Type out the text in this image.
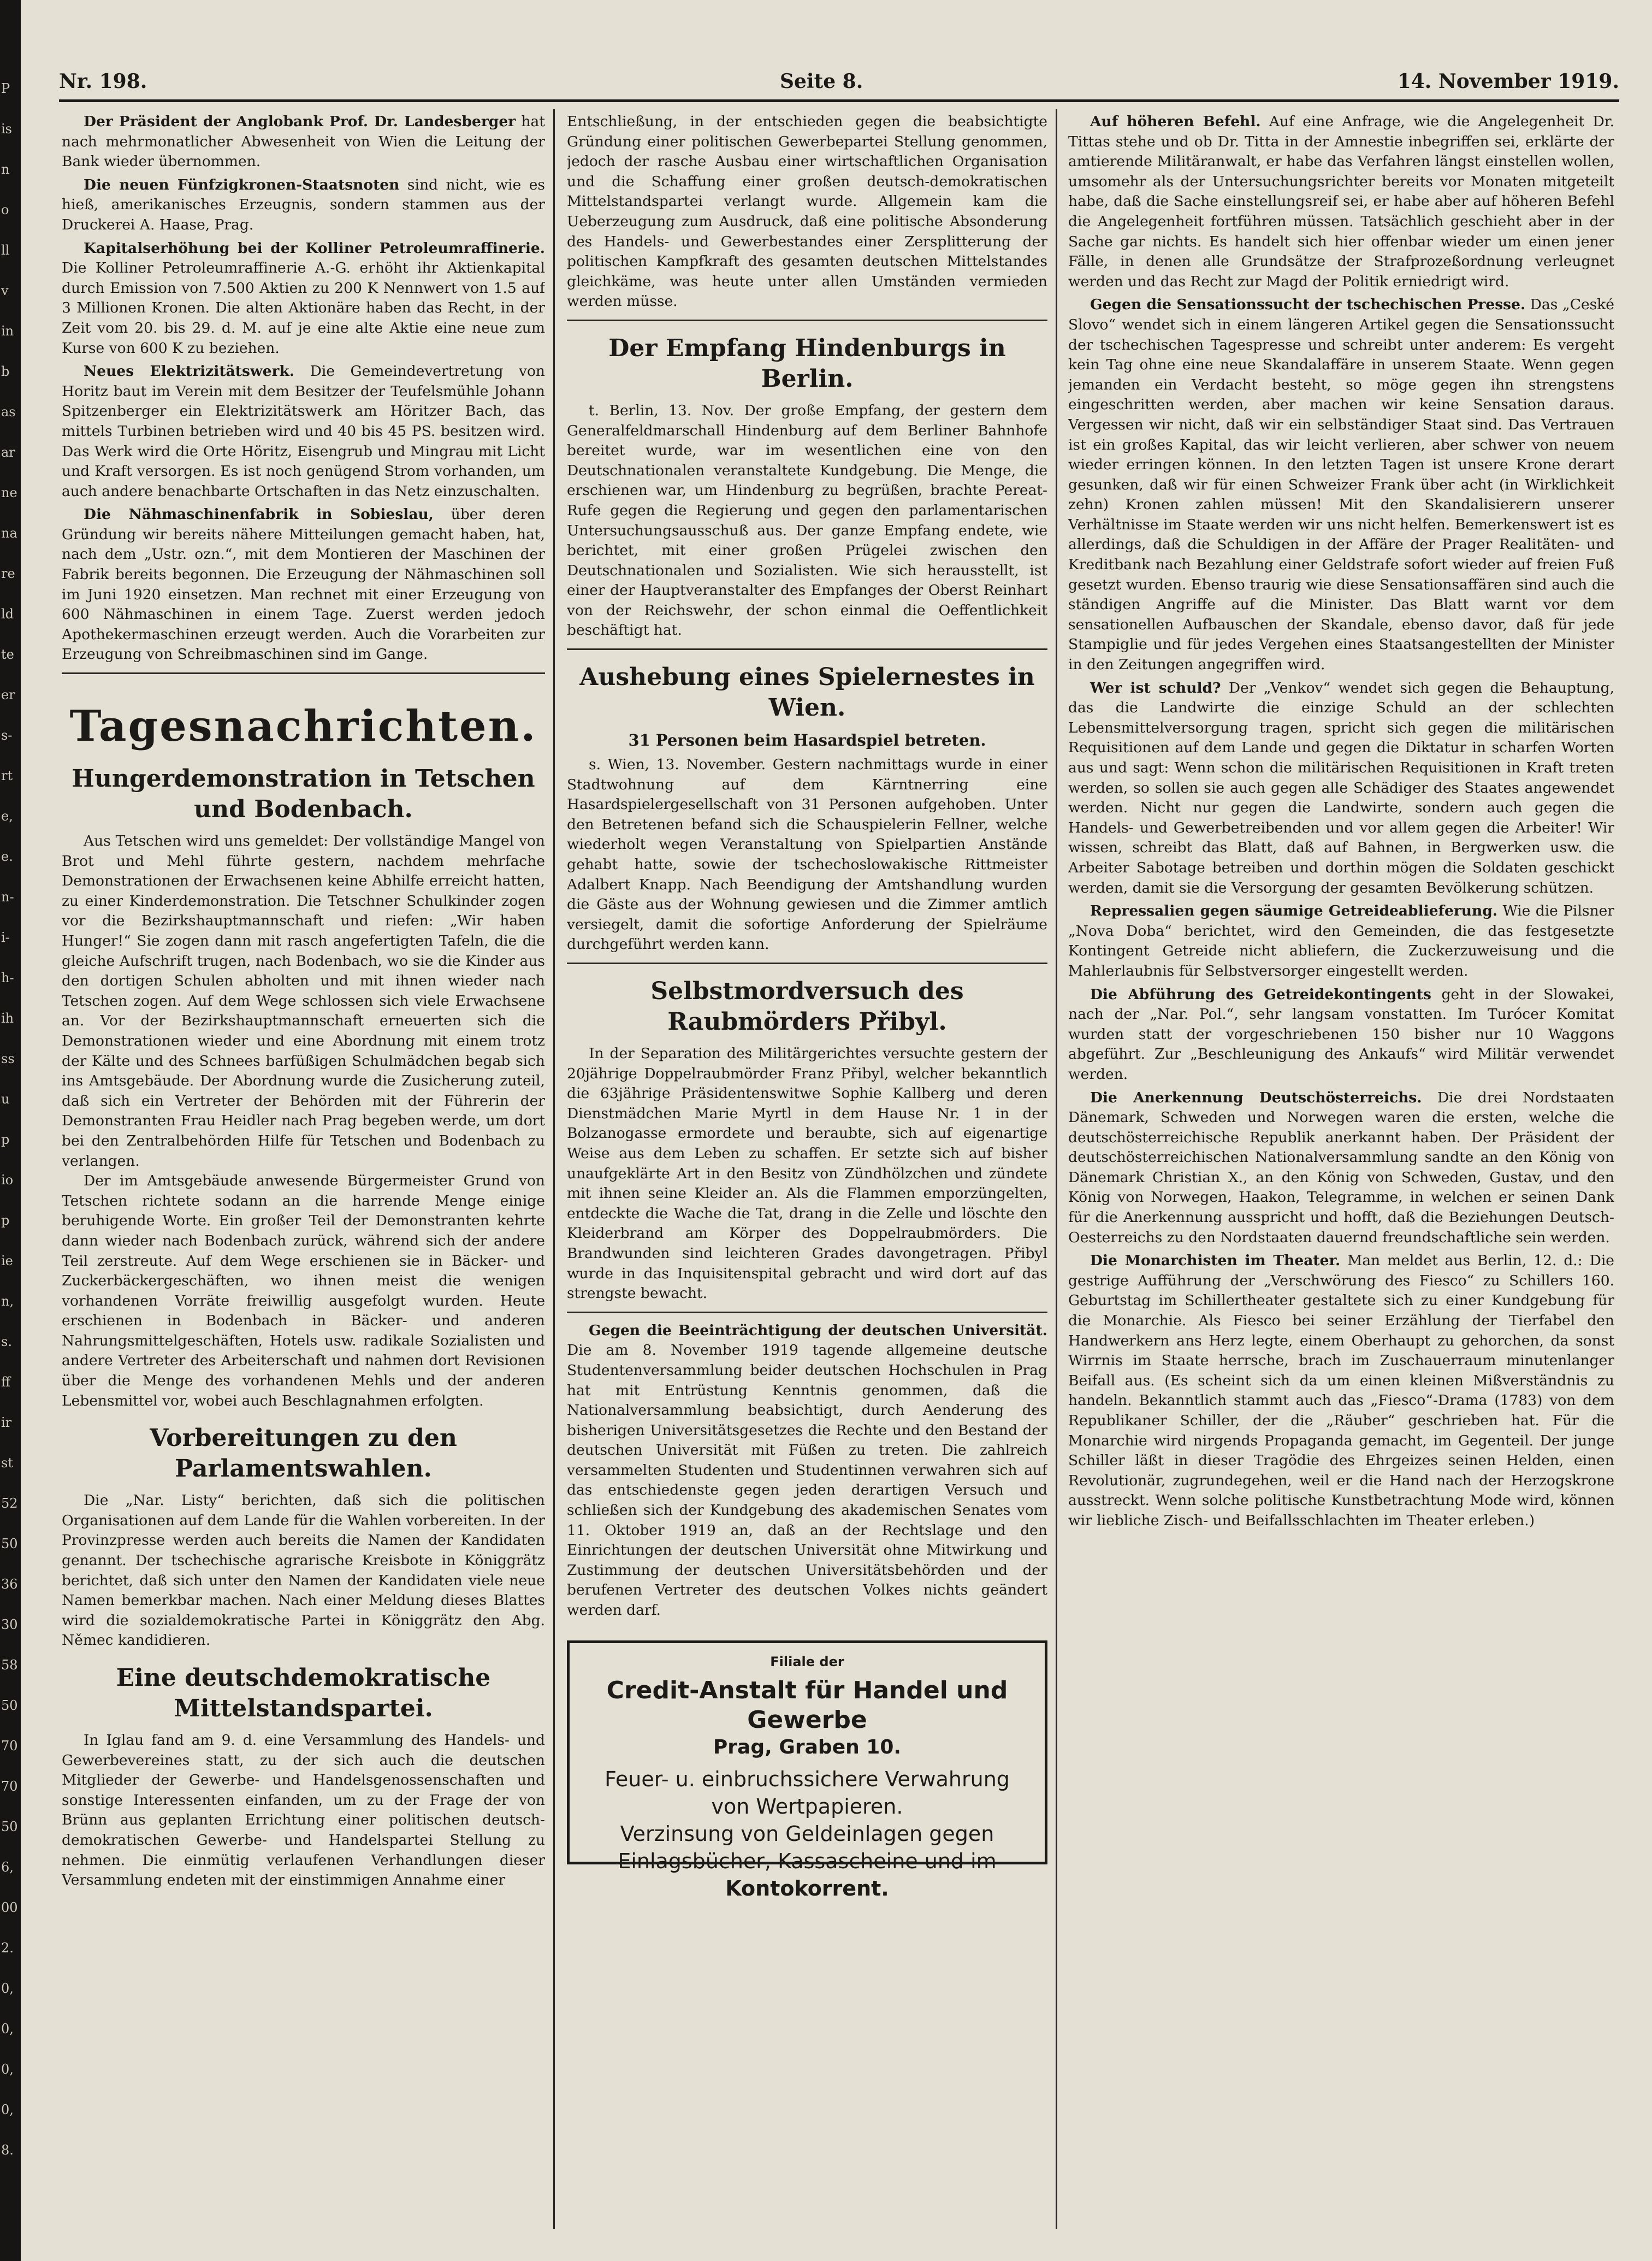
P
is
n
o
ll
v
in
b
as
ar
ne
na
re
ld
te
er
s-
rt
e,
e.
n-
i-
h-
ih
ss
u
p
io
p
ie
n,
s.
ff
ir
st
52
50
36
30
58
50
70
70
50
6,
00
2.
0,
0,
0,
0,
8.
Nr. 198.	Seite 8.	14. November 1919.

Der Präsident der Anglobank Prof. Dr. Landesberger hat nach mehrmonatlicher Abwesenheit von Wien die Leitung der Bank wieder übernommen.

Die neuen Fünfzigkronen-Staatsnoten sind nicht, wie es hieß, amerikanisches Erzeugnis, sondern stammen aus der Druckerei A. Haase, Prag.

Kapitalserhöhung bei der Kolliner Petroleumraffinerie. Die Kolliner Petroleumraffinerie A.-G. erhöht ihr Aktienkapital durch Emission von 7.500 Aktien zu 200 K Nennwert von 1.5 auf 3 Millionen Kronen. Die alten Aktionäre haben das Recht, in der Zeit vom 20. bis 29. d. M. auf je eine alte Aktie eine neue zum Kurse von 600 K zu beziehen.

Neues Elektrizitätswerk. Die Gemeindevertretung von Horitz baut im Verein mit dem Besitzer der Teufelsmühle Johann Spitzenberger ein Elektrizitätswerk am Höritzer Bach, das mittels Turbinen betrieben wird und 40 bis 45 PS. besitzen wird. Das Werk wird die Orte Höritz, Eisengrub und Mingrau mit Licht und Kraft versorgen. Es ist noch genügend Strom vorhanden, um auch andere benachbarte Ortschaften in das Netz einzuschalten.

Die Nähmaschinenfabrik in Sobieslau, über deren Gründung wir bereits nähere Mitteilungen gemacht haben, hat, nach dem „Ustr. ozn.“, mit dem Montieren der Maschinen der Fabrik bereits begonnen. Die Erzeugung der Nähmaschinen soll im Juni 1920 einsetzen. Man rechnet mit einer Erzeugung von 600 Nähmaschinen in einem Tage. Zuerst werden jedoch Apothekermaschinen erzeugt werden. Auch die Vorarbeiten zur Erzeugung von Schreibmaschinen sind im Gange.

Tagesnachrichten.
Hungerdemonstration in Tetschen und Bodenbach.

Aus Tetschen wird uns gemeldet: Der vollständige Mangel von Brot und Mehl führte gestern, nachdem mehrfache Demonstrationen der Erwachsenen keine Abhilfe erreicht hatten, zu einer Kinderdemonstration. Die Tetschner Schulkinder zogen vor die Bezirkshauptmannschaft und riefen: „Wir haben Hunger!“ Sie zogen dann mit rasch angefertigten Tafeln, die die gleiche Aufschrift trugen, nach Bodenbach, wo sie die Kinder aus den dortigen Schulen abholten und mit ihnen wieder nach Tetschen zogen. Auf dem Wege schlossen sich viele Erwachsene an. Vor der Bezirkshauptmannschaft erneuerten sich die Demonstrationen wieder und eine Abordnung mit einem trotz der Kälte und des Schnees barfüßigen Schulmädchen begab sich ins Amtsgebäude. Der Abordnung wurde die Zusicherung zuteil, daß sich ein Vertreter der Behörden mit der Führerin der Demonstranten Frau Heidler nach Prag begeben werde, um dort bei den Zentralbehörden Hilfe für Tetschen und Bodenbach zu verlangen.

Der im Amtsgebäude anwesende Bürgermeister Grund von Tetschen richtete sodann an die harrende Menge einige beruhigende Worte. Ein großer Teil der Demonstranten kehrte dann wieder nach Bodenbach zurück, während sich der andere Teil zerstreute. Auf dem Wege erschienen sie in Bäcker- und Zuckerbäckergeschäften, wo ihnen meist die wenigen vorhandenen Vorräte freiwillig ausgefolgt wurden. Heute erschienen in Bodenbach in Bäcker- und anderen Nahrungsmittelgeschäften, Hotels usw. radikale Sozialisten und andere Vertreter des Arbeiterschaft und nahmen dort Revisionen über die Menge des vorhandenen Mehls und der anderen Lebensmittel vor, wobei auch Beschlagnahmen erfolgten.

Vorbereitungen zu den Parlamentswahlen.

Die „Nar. Listy“ berichten, daß sich die politischen Organisationen auf dem Lande für die Wahlen vorbereiten. In der Provinzpresse werden auch bereits die Namen der Kandidaten genannt. Der tschechische agrarische Kreisbote in Königgrätz berichtet, daß sich unter den Namen der Kandidaten viele neue Namen bemerkbar machen. Nach einer Meldung dieses Blattes wird die sozialdemokratische Partei in Königgrätz den Abg. Němec kandidieren.

Eine deutschdemokratische Mittelstandspartei.

In Iglau fand am 9. d. eine Versammlung des Handels- und Gewerbevereines statt, zu der sich auch die deutschen Mitglieder der Gewerbe- und Handelsgenossenschaften und sonstige Interessenten einfanden, um zu der Frage der von Brünn aus geplanten Errichtung einer politischen deutsch-demokratischen Gewerbe- und Handelspartei Stellung zu nehmen. Die einmütig verlaufenen Verhandlungen dieser Versammlung endeten mit der einstimmigen Annahme einer

Entschließung, in der entschieden gegen die beabsichtigte Gründung einer politischen Gewerbepartei Stellung genommen, jedoch der rasche Ausbau einer wirtschaftlichen Organisation und die Schaffung einer großen deutsch-demokratischen Mittelstandspartei verlangt wurde. Allgemein kam die Ueberzeugung zum Ausdruck, daß eine politische Absonderung des Handels- und Gewerbestandes einer Zersplitterung der politischen Kampfkraft des gesamten deutschen Mittelstandes gleichkäme, was heute unter allen Umständen vermieden werden müsse.

Der Empfang Hindenburgs in Berlin.

t. Berlin, 13. Nov. Der große Empfang, der gestern dem Generalfeldmarschall Hindenburg auf dem Berliner Bahnhofe bereitet wurde, war im wesentlichen eine von den Deutschnationalen veranstaltete Kundgebung. Die Menge, die erschienen war, um Hindenburg zu begrüßen, brachte Pereat-Rufe gegen die Regierung und gegen den parlamentarischen Untersuchungsausschuß aus. Der ganze Empfang endete, wie berichtet, mit einer großen Prügelei zwischen den Deutschnationalen und Sozialisten. Wie sich herausstellt, ist einer der Hauptveranstalter des Empfanges der Oberst Reinhart von der Reichswehr, der schon einmal die Oeffentlichkeit beschäftigt hat.

Aushebung eines Spielernestes in Wien.
31 Personen beim Hasardspiel betreten.

s. Wien, 13. November. Gestern nachmittags wurde in einer Stadtwohnung auf dem Kärntnerring eine Hasardspielergesellschaft von 31 Personen aufgehoben. Unter den Betretenen befand sich die Schauspielerin Fellner, welche wiederholt wegen Veranstaltung von Spielpartien Anstände gehabt hatte, sowie der tschechoslowakische Rittmeister Adalbert Knapp. Nach Beendigung der Amtshandlung wurden die Gäste aus der Wohnung gewiesen und die Zimmer amtlich versiegelt, damit die sofortige Anforderung der Spielräume durchgeführt werden kann.

Selbstmordversuch des Raubmörders Přibyl.

In der Separation des Militärgerichtes versuchte gestern der 20jährige Doppelraubmörder Franz Přibyl, welcher bekanntlich die 63jährige Präsidentenswitwe Sophie Kallberg und deren Dienstmädchen Marie Myrtl in dem Hause Nr. 1 in der Bolzanogasse ermordete und beraubte, sich auf eigenartige Weise aus dem Leben zu schaffen. Er setzte sich auf bisher unaufgeklärte Art in den Besitz von Zündhölzchen und zündete mit ihnen seine Kleider an. Als die Flammen emporzüngelten, entdeckte die Wache die Tat, drang in die Zelle und löschte den Kleiderbrand am Körper des Doppelraubmörders. Die Brandwunden sind leichteren Grades davongetragen. Přibyl wurde in das Inquisitenspital gebracht und wird dort auf das strengste bewacht.

Gegen die Beeinträchtigung der deutschen Universität. Die am 8. November 1919 tagende allgemeine deutsche Studentenversammlung beider deutschen Hochschulen in Prag hat mit Entrüstung Kenntnis genommen, daß die Nationalversammlung beabsichtigt, durch Aenderung des bisherigen Universitätsgesetzes die Rechte und den Bestand der deutschen Universität mit Füßen zu treten. Die zahlreich versammelten Studenten und Studentinnen verwahren sich auf das entschiedenste gegen jeden derartigen Versuch und schließen sich der Kundgebung des akademischen Senates vom 11. Oktober 1919 an, daß an der Rechtslage und den Einrichtungen der deutschen Universität ohne Mitwirkung und Zustimmung der deutschen Universitätsbehörden und der berufenen Vertreter des deutschen Volkes nichts geändert werden darf.

Filiale der
Credit-Anstalt für Handel und Gewerbe
Prag, Graben 10.
Feuer- u. einbruchssichere Verwahrung
von Wertpapieren.
Verzinsung von Geldeinlagen gegen Einlagsbücher, Kassascheine und im
Kontokorrent.

Auf höheren Befehl. Auf eine Anfrage, wie die Angelegenheit Dr. Tittas stehe und ob Dr. Titta in der Amnestie inbegriffen sei, erklärte der amtierende Militäranwalt, er habe das Verfahren längst einstellen wollen, umsomehr als der Untersuchungsrichter bereits vor Monaten mitgeteilt habe, daß die Sache einstellungsreif sei, er habe aber auf höheren Befehl die Angelegenheit fortführen müssen. Tatsächlich geschieht aber in der Sache gar nichts. Es handelt sich hier offenbar wieder um einen jener Fälle, in denen alle Grundsätze der Strafprozeßordnung verleugnet werden und das Recht zur Magd der Politik erniedrigt wird.

Gegen die Sensationssucht der tschechischen Presse. Das „Ceské Slovo“ wendet sich in einem längeren Artikel gegen die Sensationssucht der tschechischen Tagespresse und schreibt unter anderem: Es vergeht kein Tag ohne eine neue Skandalaffäre in unserem Staate. Wenn gegen jemanden ein Verdacht besteht, so möge gegen ihn strengstens eingeschritten werden, aber machen wir keine Sensation daraus. Vergessen wir nicht, daß wir ein selbständiger Staat sind. Das Vertrauen ist ein großes Kapital, das wir leicht verlieren, aber schwer von neuem wieder erringen können. In den letzten Tagen ist unsere Krone derart gesunken, daß wir für einen Schweizer Frank über acht (in Wirklichkeit zehn) Kronen zahlen müssen! Mit den Skandalisierern unserer Verhältnisse im Staate werden wir uns nicht helfen. Bemerkenswert ist es allerdings, daß die Schuldigen in der Affäre der Prager Realitäten- und Kreditbank nach Bezahlung einer Geldstrafe sofort wieder auf freien Fuß gesetzt wurden. Ebenso traurig wie diese Sensationsaffären sind auch die ständigen Angriffe auf die Minister. Das Blatt warnt vor dem sensationellen Aufbauschen der Skandale, ebenso davor, daß für jede Stampiglie und für jedes Vergehen eines Staatsangestellten der Minister in den Zeitungen angegriffen wird.

Wer ist schuld? Der „Venkov“ wendet sich gegen die Behauptung, das die Landwirte die einzige Schuld an der schlechten Lebensmittelversorgung tragen, spricht sich gegen die militärischen Requisitionen auf dem Lande und gegen die Diktatur in scharfen Worten aus und sagt: Wenn schon die militärischen Requisitionen in Kraft treten werden, so sollen sie auch gegen alle Schädiger des Staates angewendet werden. Nicht nur gegen die Landwirte, sondern auch gegen die Handels- und Gewerbetreibenden und vor allem gegen die Arbeiter! Wir wissen, schreibt das Blatt, daß auf Bahnen, in Bergwerken usw. die Arbeiter Sabotage betreiben und dorthin mögen die Soldaten geschickt werden, damit sie die Versorgung der gesamten Bevölkerung schützen.

Repressalien gegen säumige Getreideablieferung. Wie die Pilsner „Nova Doba“ berichtet, wird den Gemeinden, die das festgesetzte Kontingent Getreide nicht abliefern, die Zuckerzuweisung und die Mahlerlaubnis für Selbstversorger eingestellt werden.

Die Abführung des Getreidekontingents geht in der Slowakei, nach der „Nar. Pol.“, sehr langsam vonstatten. Im Turócer Komitat wurden statt der vorgeschriebenen 150 bisher nur 10 Waggons abgeführt. Zur „Beschleunigung des Ankaufs“ wird Militär verwendet werden.

Die Anerkennung Deutschösterreichs. Die drei Nordstaaten Dänemark, Schweden und Norwegen waren die ersten, welche die deutschösterreichische Republik anerkannt haben. Der Präsident der deutschösterreichischen Nationalversammlung sandte an den König von Dänemark Christian X., an den König von Schweden, Gustav, und den König von Norwegen, Haakon, Telegramme, in welchen er seinen Dank für die Anerkennung ausspricht und hofft, daß die Beziehungen Deutsch-Oesterreichs zu den Nordstaaten dauernd freundschaftliche sein werden.

Die Monarchisten im Theater. Man meldet aus Berlin, 12. d.: Die gestrige Aufführung der „Verschwörung des Fiesco“ zu Schillers 160. Geburtstag im Schillertheater gestaltete sich zu einer Kundgebung für die Monarchie. Als Fiesco bei seiner Erzählung der Tierfabel den Handwerkern ans Herz legte, einem Oberhaupt zu gehorchen, da sonst Wirrnis im Staate herrsche, brach im Zuschauerraum minutenlanger Beifall aus. (Es scheint sich da um einen kleinen Mißverständnis zu handeln. Bekanntlich stammt auch das „Fiesco“-Drama (1783) von dem Republikaner Schiller, der die „Räuber“ geschrieben hat. Für die Monarchie wird nirgends Propaganda gemacht, im Gegenteil. Der junge Schiller läßt in dieser Tragödie des Ehrgeizes seinen Helden, einen Revolutionär, zugrundegehen, weil er die Hand nach der Herzogskrone ausstreckt. Wenn solche politische Kunstbetrachtung Mode wird, können wir liebliche Zisch- und Beifallsschlachten im Theater erleben.)
